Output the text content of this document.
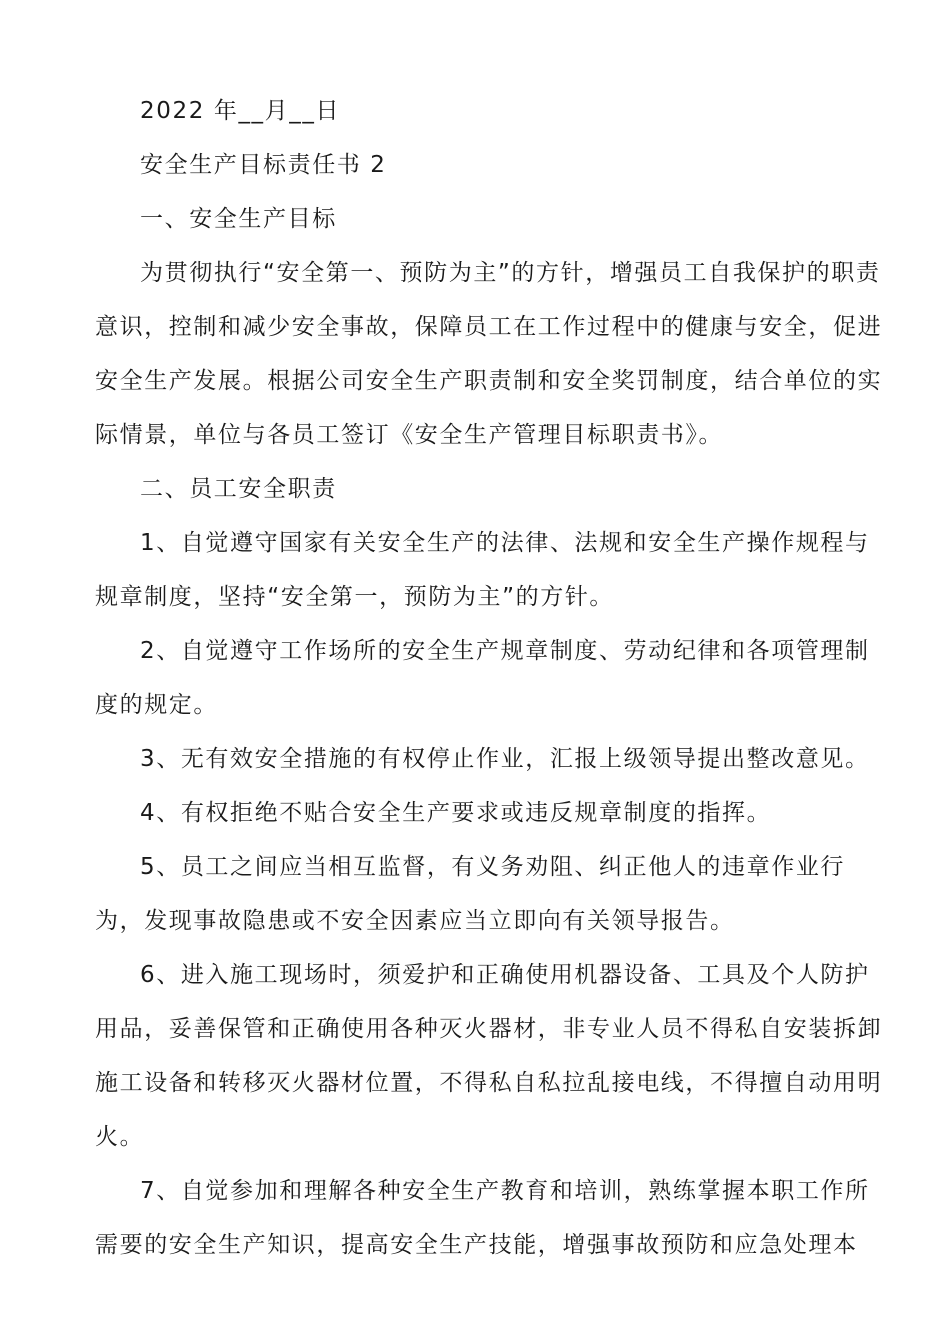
2022 年__月__日
安全生产目标责任书 2
一、安全生产目标
为贯彻执行“安全第一、预防为主”的方针，增强员工自我保护的职责
意识，控制和减少安全事故，保障员工在工作过程中的健康与安全，促进
安全生产发展。根据公司安全生产职责制和安全奖罚制度，结合单位的实
际情景，单位与各员工签订《安全生产管理目标职责书》。
二、员工安全职责
1、自觉遵守国家有关安全生产的法律、法规和安全生产操作规程与
规章制度，坚持“安全第一，预防为主”的方针。
2、自觉遵守工作场所的安全生产规章制度、劳动纪律和各项管理制
度的规定。
3、无有效安全措施的有权停止作业，汇报上级领导提出整改意见。
4、有权拒绝不贴合安全生产要求或违反规章制度的指挥。
5、员工之间应当相互监督，有义务劝阻、纠正他人的违章作业行
为，发现事故隐患或不安全因素应当立即向有关领导报告。
6、进入施工现场时，须爱护和正确使用机器设备、工具及个人防护
用品，妥善保管和正确使用各种灭火器材，非专业人员不得私自安装拆卸
施工设备和转移灭火器材位置，不得私自私拉乱接电线，不得擅自动用明
火。
7、自觉参加和理解各种安全生产教育和培训，熟练掌握本职工作所
需要的安全生产知识，提高安全生产技能，增强事故预防和应急处理本
